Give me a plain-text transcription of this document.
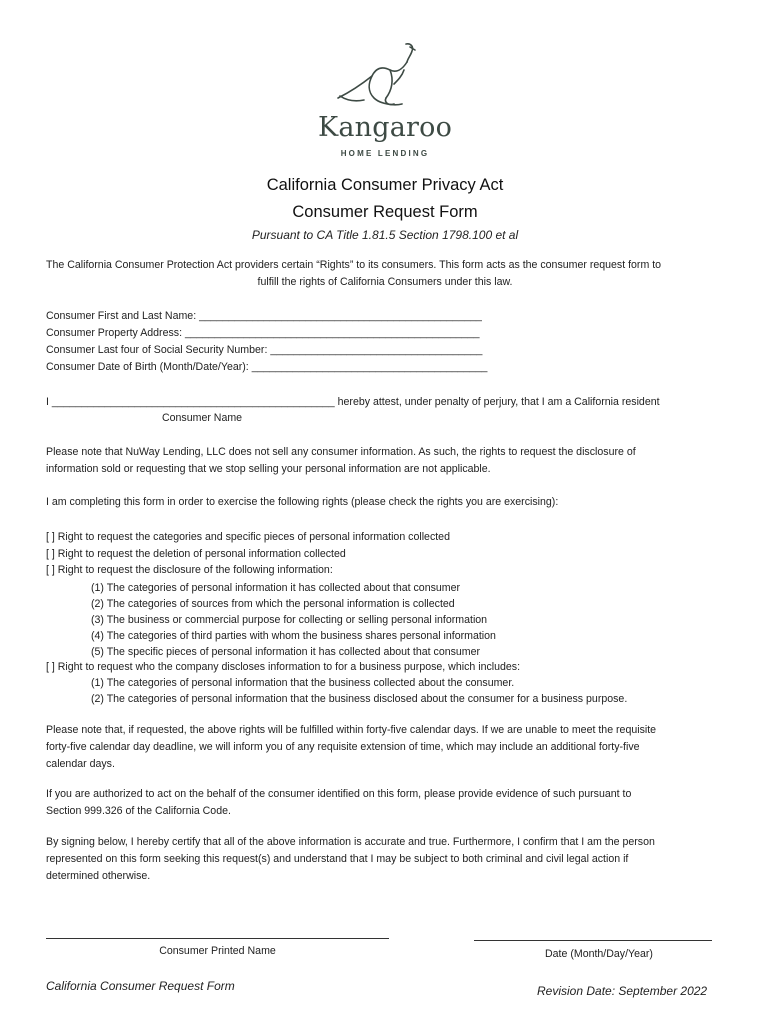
Kangaroo
HOME LENDING
California Consumer Privacy Act
Consumer Request Form
Pursuant to CA Title 1.81.5 Section 1798.100 et al
The California Consumer Protection Act providers certain “Rights” to its consumers. This form acts as the consumer request form to
fulfill the rights of California Consumers under this law.
Consumer First and Last Name: ________________________________________________
Consumer Property Address: __________________________________________________
Consumer Last four of Social Security Number: ____________________________________
Consumer Date of Birth (Month/Date/Year): ________________________________________
I ________________________________________________ hereby attest, under penalty of perjury, that I am a California resident
Consumer Name
Please note that NuWay Lending, LLC does not sell any consumer information. As such, the rights to request the disclosure of
information sold or requesting that we stop selling your personal information are not applicable.
I am completing this form in order to exercise the following rights (please check the rights you are exercising):
[ ] Right to request the categories and specific pieces of personal information collected
[ ] Right to request the deletion of personal information collected
[ ] Right to request the disclosure of the following information:
(1) The categories of personal information it has collected about that consumer
(2) The categories of sources from which the personal information is collected
(3) The business or commercial purpose for collecting or selling personal information
(4) The categories of third parties with whom the business shares personal information
(5) The specific pieces of personal information it has collected about that consumer
[ ] Right to request who the company discloses information to for a business purpose, which includes:
(1) The categories of personal information that the business collected about the consumer.
(2) The categories of personal information that the business disclosed about the consumer for a business purpose.
Please note that, if requested, the above rights will be fulfilled within forty-five calendar days. If we are unable to meet the requisite
forty-five calendar day deadline, we will inform you of any requisite extension of time, which may include an additional forty-five
calendar days.
If you are authorized to act on the behalf of the consumer identified on this form, please provide evidence of such pursuant to
Section 999.326 of the California Code.
By signing below, I hereby certify that all of the above information is accurate and true. Furthermore, I confirm that I am the person
represented on this form seeking this request(s) and understand that I may be subject to both criminal and civil legal action if
determined otherwise.
Consumer Printed Name	Date (Month/Day/Year)
California Consumer Request Form	Revision Date: September 2022
